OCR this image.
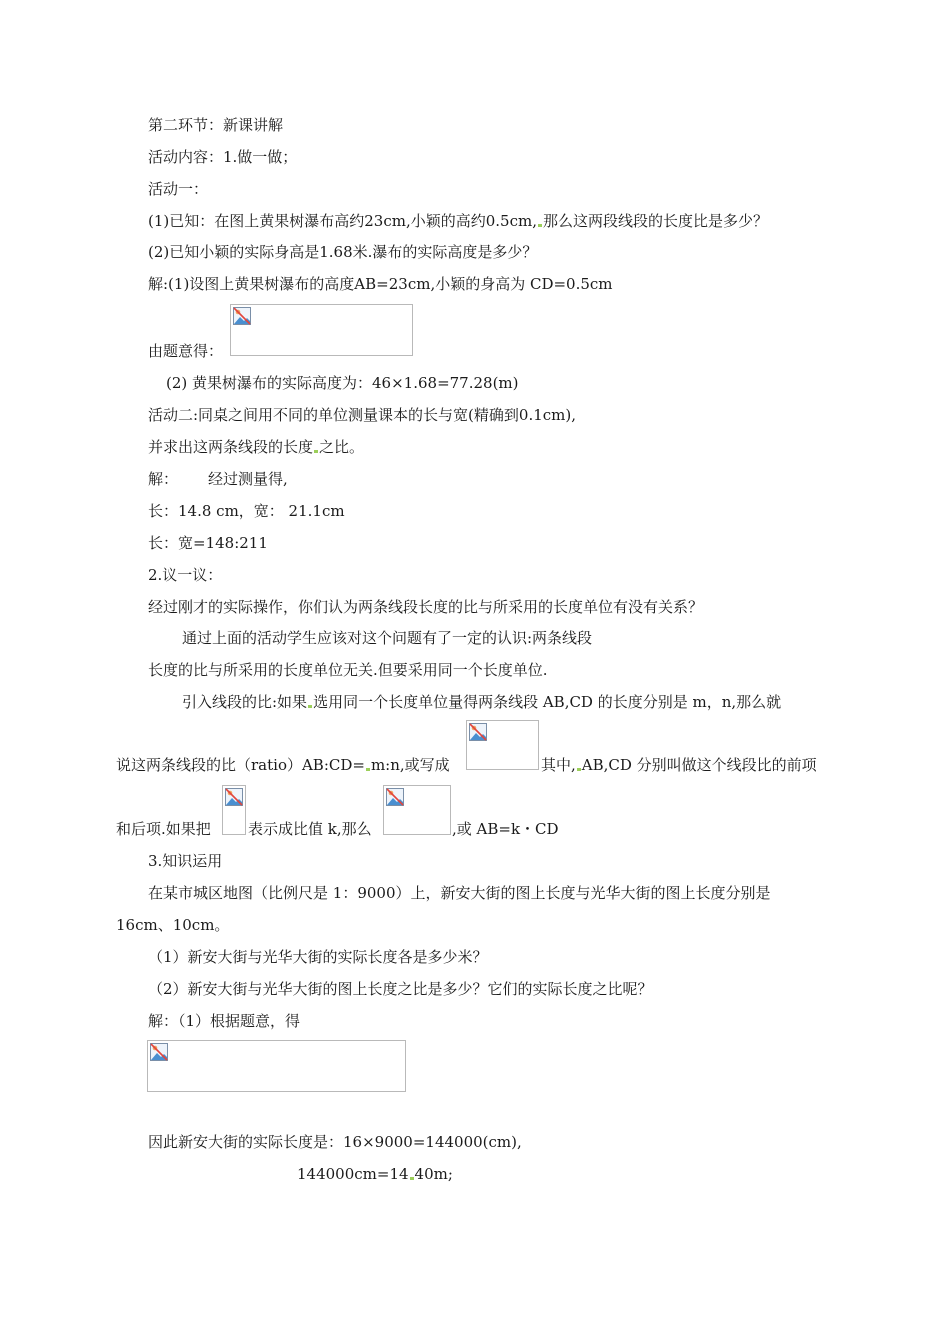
第二环节：新课讲解
活动内容：1.做一做；
活动一：
(1)已知：在图上黄果树瀑布高约23cm,小颖的高约0.5cm, 那么这两段线段的长度比是多少？
(2)已知小颖的实际身高是1.68米.瀑布的实际高度是多少？
解:(1)设图上黄果树瀑布的高度AB=23cm,小颖的身高为 CD=0.5cm
由题意得：
(2) 黄果树瀑布的实际高度为：46×1.68=77.28(m)
活动二:同桌之间用不同的单位测量课本的长与宽(精确到0.1cm),
并求出这两条线段的长度 之比。
解： 经过测量得,
长：14.8 cm，宽： 21.1cm
长：宽=148:211
2.议一议：
经过刚才的实际操作，你们认为两条线段长度的比与所采用的长度单位有没有关系？
通过上面的活动学生应该对这个问题有了一定的认识:两条线段
长度的比与所采用的长度单位无关.但要采用同一个长度单位.
引入线段的比:如果 选用同一个长度单位量得两条线段 AB,CD 的长度分别是 m，n,那么就
说这两条线段的比（ratio）AB:CD= m:n,或写成	其中, AB,CD 分别叫做这个线段比的前项
和后项.如果把 表示成比值 k,那么	,或 AB=k・CD
3.知识运用
在某市城区地图（比例尺是 1：9000）上，新安大街的图上长度与光华大街的图上长度分别是
16cm、10cm。
（1）新安大街与光华大街的实际长度各是多少米？
（2）新安大街与光华大街的图上长度之比是多少？它们的实际长度之比呢？
解：（1）根据题意，得
因此新安大街的实际长度是：16×9000=144000(cm),
144000cm=14 40m;
